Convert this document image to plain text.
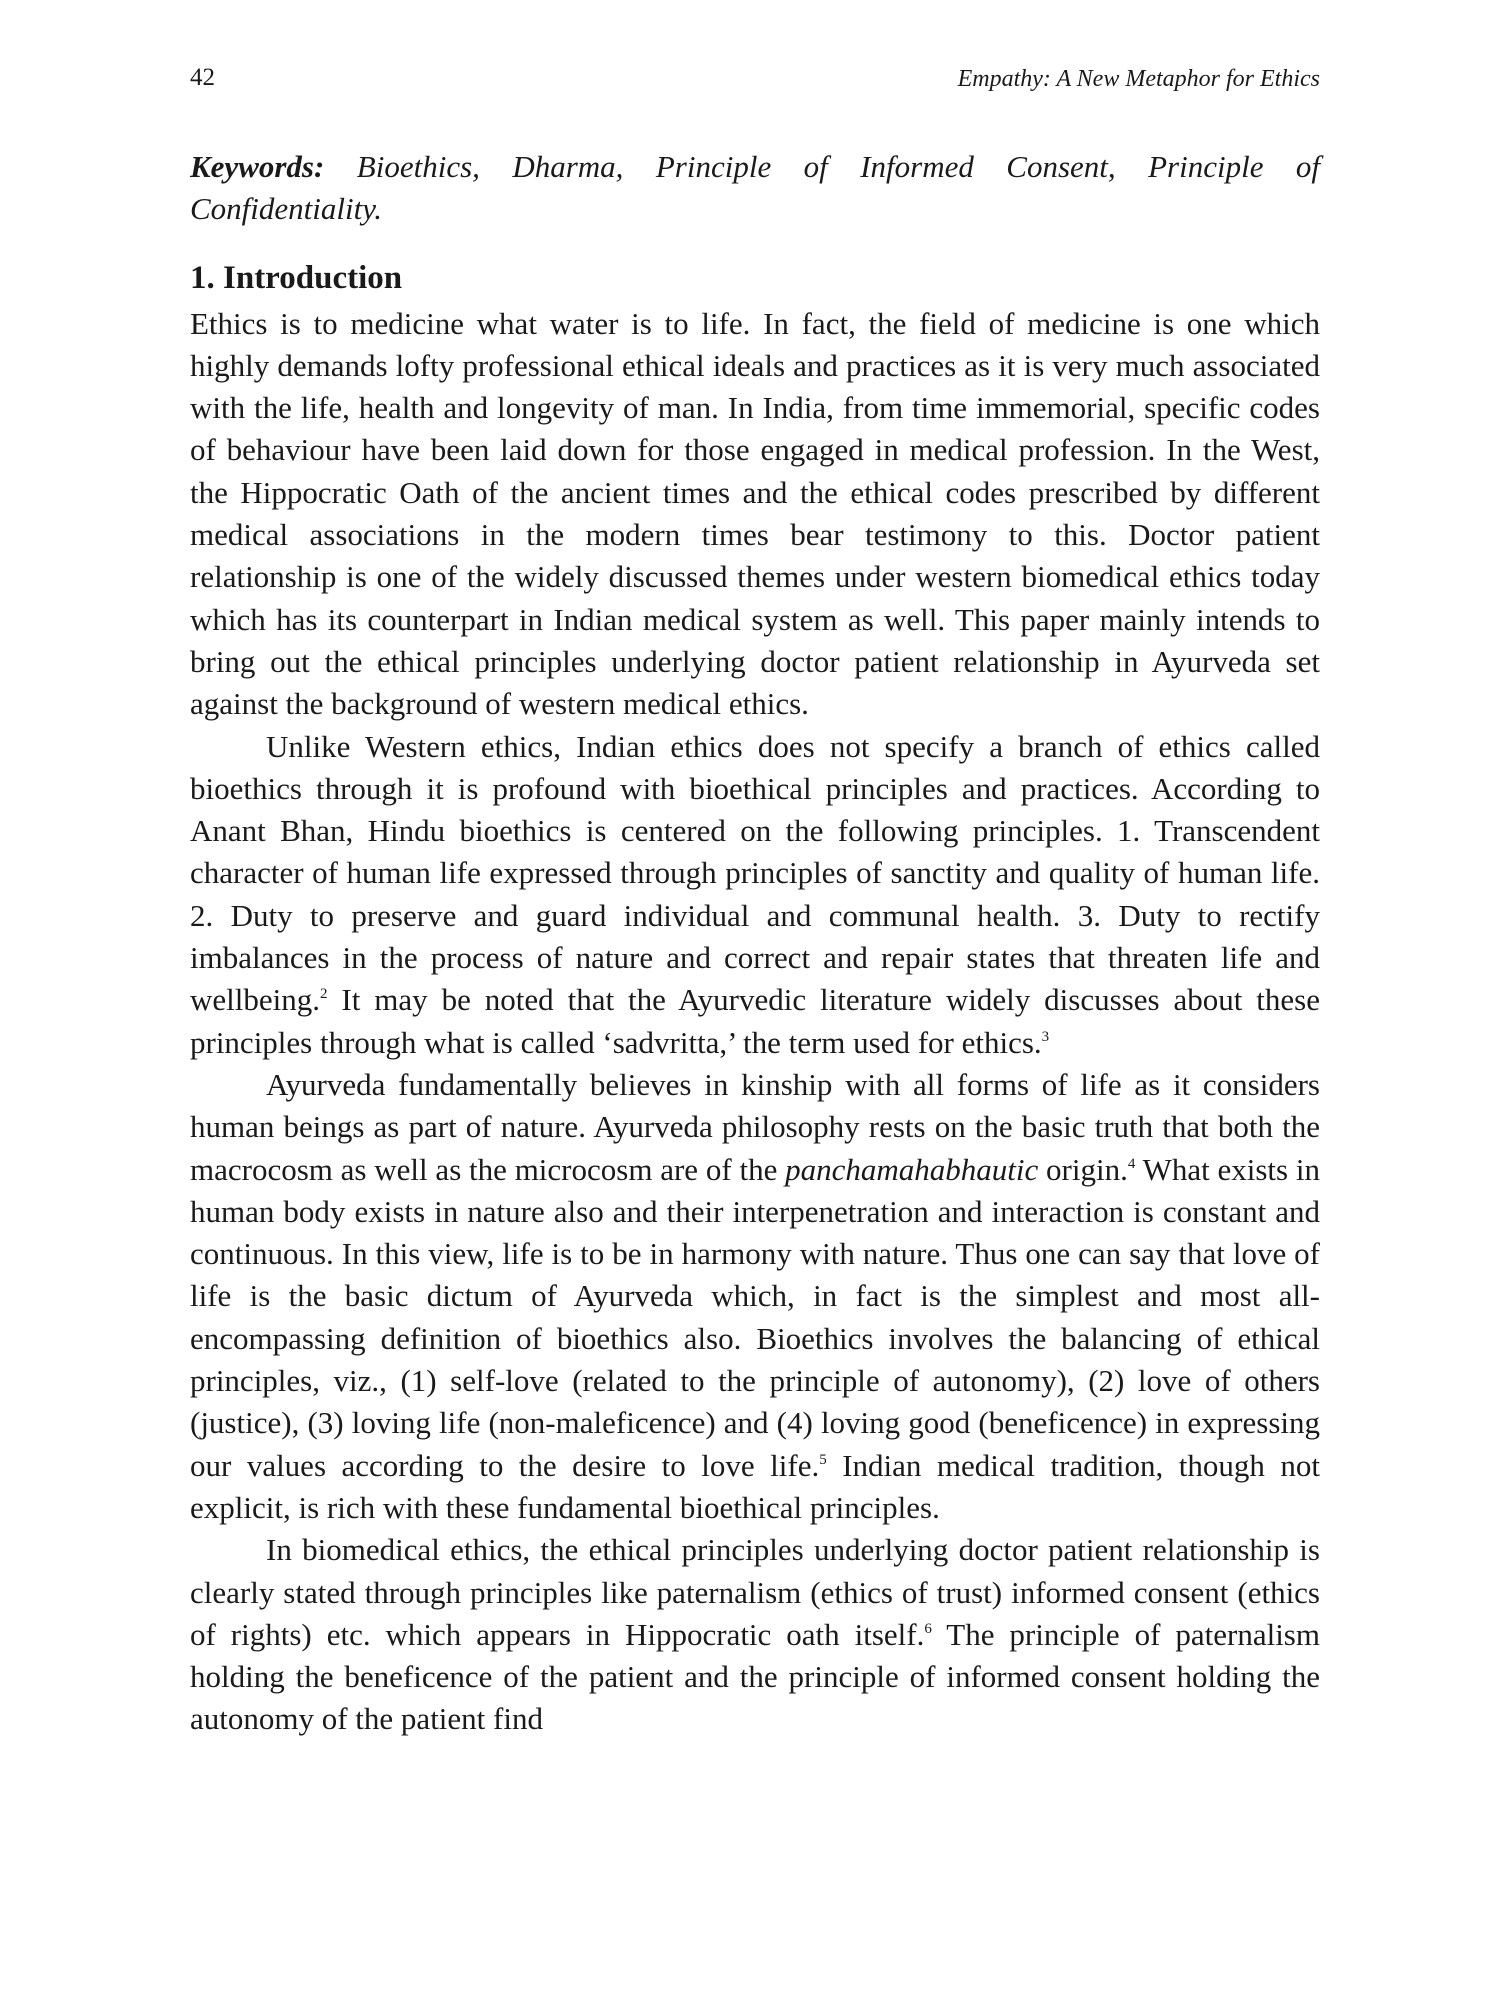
42	Empathy: A New Metaphor for Ethics

Keywords: Bioethics, Dharma, Principle of Informed Consent, Principle of Confidentiality.

1. Introduction

Ethics is to medicine what water is to life. In fact, the field of medicine is one which highly demands lofty professional ethical ideals and practices as it is very much associated with the life, health and longevity of man. In India, from time immemorial, specific codes of behaviour have been laid down for those engaged in medical profession. In the West, the Hippocratic Oath of the ancient times and the ethical codes prescribed by different medical associations in the modern times bear testimony to this. Doctor patient relationship is one of the widely discussed themes under western biomedical ethics today which has its counterpart in Indian medical system as well. This paper mainly intends to bring out the ethical principles underlying doctor patient relationship in Ayurveda set against the background of western medical ethics.

Unlike Western ethics, Indian ethics does not specify a branch of ethics called bioethics through it is profound with bioethical principles and practices. According to Anant Bhan, Hindu bioethics is centered on the following principles. 1. Transcendent character of human life expressed through principles of sanctity and quality of human life. 2. Duty to preserve and guard individual and communal health. 3. Duty to rectify imbalances in the process of nature and correct and repair states that threaten life and wellbeing.$^2$ It may be noted that the Ayurvedic literature widely discusses about these principles through what is called ‘sadvritta,’ the term used for ethics.$^3$

Ayurveda fundamentally believes in kinship with all forms of life as it considers human beings as part of nature. Ayurveda philosophy rests on the basic truth that both the macrocosm as well as the microcosm are of the panchamahabhautic origin.$^4$ What exists in human body exists in nature also and their interpenetration and interaction is constant and continuous. In this view, life is to be in harmony with nature. Thus one can say that love of life is the basic dictum of Ayurveda which, in fact is the simplest and most all-encompassing definition of bioethics also. Bioethics involves the balancing of ethical principles, viz., (1) self-love (related to the principle of autonomy), (2) love of others (justice), (3) loving life (non-maleficence) and (4) loving good (beneficence) in expressing our values according to the desire to love life.$^5$ Indian medical tradition, though not explicit, is rich with these fundamental bioethical principles.

In biomedical ethics, the ethical principles underlying doctor patient relationship is clearly stated through principles like paternalism (ethics of trust) informed consent (ethics of rights) etc. which appears in Hippocratic oath itself.$^6$ The principle of paternalism holding the beneficence of the patient and the principle of informed consent holding the autonomy of the patient find
